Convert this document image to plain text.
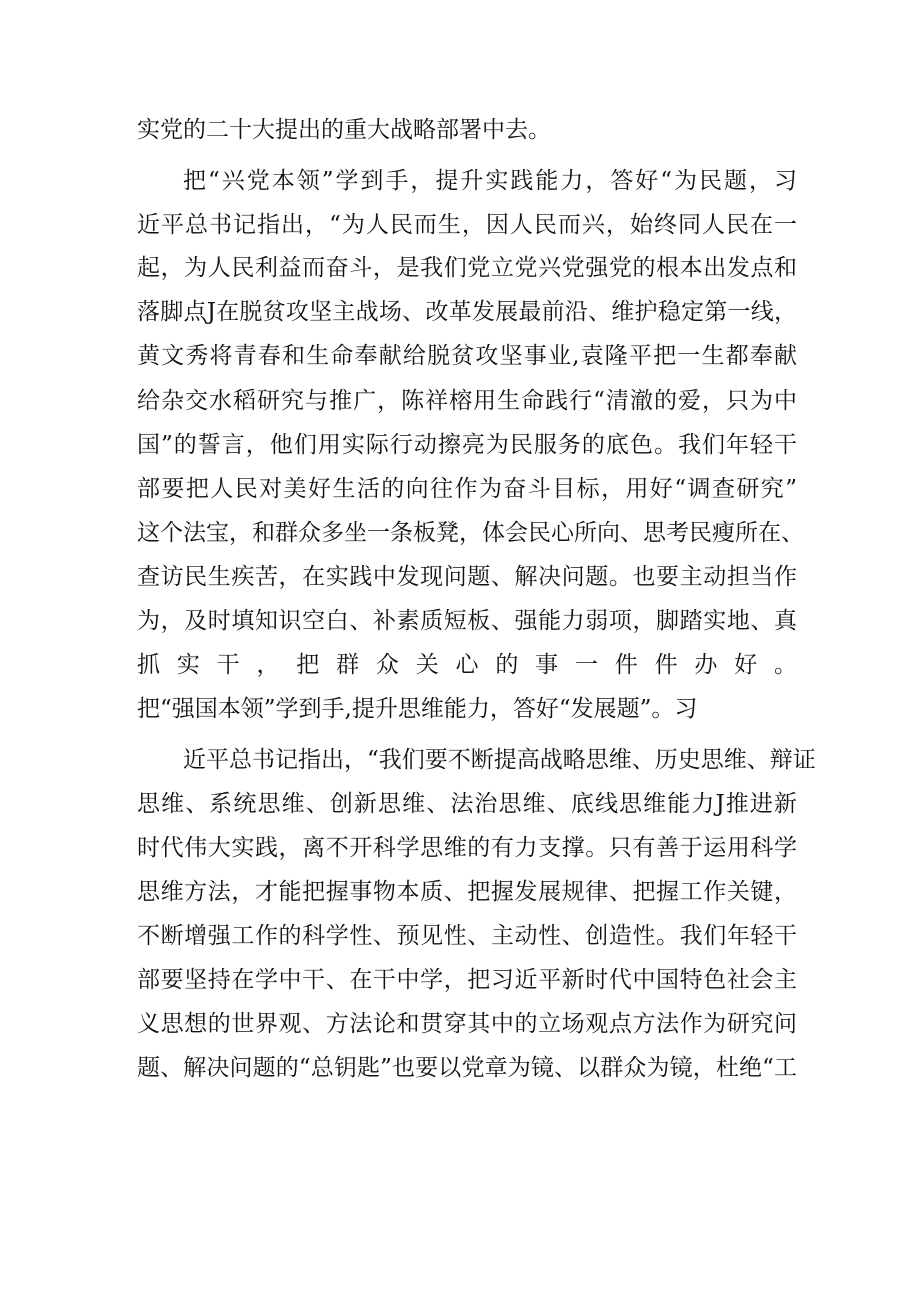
实党的二十大提出的重大战略部署中去。

把“兴党本领”学到手，提升实践能力，答好“为民题，习

近平总书记指出，“为人民而生，因人民而兴，始终同人民在一

起，为人民利益而奋斗，是我们党立党兴党强党的根本出发点和

落脚点J在脱贫攻坚主战场、改革发展最前沿、维护稳定第一线，

黄文秀将青春和生命奉献给脱贫攻坚事业,袁隆平把一生都奉献

给杂交水稻研究与推广，陈祥榕用生命践行“清澈的爱，只为中

国”的誓言，他们用实际行动擦亮为民服务的底色。我们年轻干

部要把人民对美好生活的向往作为奋斗目标，用好“调查研究”

这个法宝，和群众多坐一条板凳，体会民心所向、思考民瘦所在、

查访民生疾苦，在实践中发现问题、解决问题。也要主动担当作

为，及时填知识空白、补素质短板、强能力弱项，脚踏实地、真

抓实干，把群众关心的事一件件办好。

把“强国本领”学到手,提升思维能力，答好“发展题”。习

近平总书记指出，“我们要不断提高战略思维、历史思维、辩证

思维、系统思维、创新思维、法治思维、底线思维能力J推进新

时代伟大实践，离不开科学思维的有力支撑。只有善于运用科学

思维方法，才能把握事物本质、把握发展规律、把握工作关键，

不断增强工作的科学性、预见性、主动性、创造性。我们年轻干

部要坚持在学中干、在干中学，把习近平新时代中国特色社会主

义思想的世界观、方法论和贯穿其中的立场观点方法作为研究问

题、解决问题的“总钥匙”也要以党章为镜、以群众为镜，杜绝“工
